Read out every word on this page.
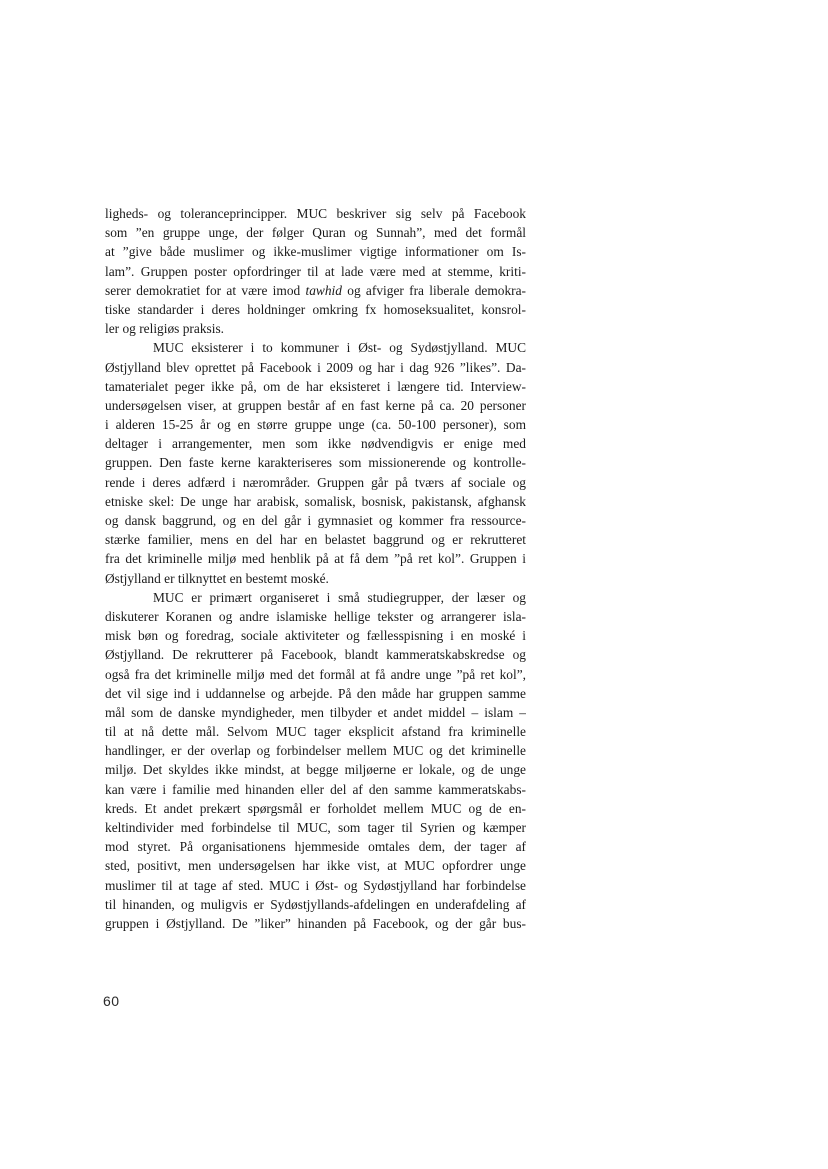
ligheds- og toleranceprincipper. MUC beskriver sig selv på Facebook
som ”en gruppe unge, der følger Quran og Sunnah”, med det formål
at ”give både muslimer og ikke-muslimer vigtige informationer om Is-
lam”. Gruppen poster opfordringer til at lade være med at stemme, kriti-
serer demokratiet for at være imod tawhid og afviger fra liberale demokra-
tiske standarder i deres holdninger omkring fx homoseksualitet, konsrol-
ler og religiøs praksis.
MUC eksisterer i to kommuner i Øst- og Sydøstjylland. MUC
Østjylland blev oprettet på Facebook i 2009 og har i dag 926 ”likes”. Da-
tamaterialet peger ikke på, om de har eksisteret i længere tid. Interview-
undersøgelsen viser, at gruppen består af en fast kerne på ca. 20 personer
i alderen 15-25 år og en større gruppe unge (ca. 50-100 personer), som
deltager i arrangementer, men som ikke nødvendigvis er enige med
gruppen. Den faste kerne karakteriseres som missionerende og kontrolle-
rende i deres adfærd i nærområder. Gruppen går på tværs af sociale og
etniske skel: De unge har arabisk, somalisk, bosnisk, pakistansk, afghansk
og dansk baggrund, og en del går i gymnasiet og kommer fra ressource-
stærke familier, mens en del har en belastet baggrund og er rekrutteret
fra det kriminelle miljø med henblik på at få dem ”på ret kol”. Gruppen i
Østjylland er tilknyttet en bestemt moské.
MUC er primært organiseret i små studiegrupper, der læser og
diskuterer Koranen og andre islamiske hellige tekster og arrangerer isla-
misk bøn og foredrag, sociale aktiviteter og fællesspisning i en moské i
Østjylland. De rekrutterer på Facebook, blandt kammeratskabskredse og
også fra det kriminelle miljø med det formål at få andre unge ”på ret kol”,
det vil sige ind i uddannelse og arbejde. På den måde har gruppen samme
mål som de danske myndigheder, men tilbyder et andet middel – islam –
til at nå dette mål. Selvom MUC tager eksplicit afstand fra kriminelle
handlinger, er der overlap og forbindelser mellem MUC og det kriminelle
miljø. Det skyldes ikke mindst, at begge miljøerne er lokale, og de unge
kan være i familie med hinanden eller del af den samme kammeratskabs-
kreds. Et andet prekært spørgsmål er forholdet mellem MUC og de en-
keltindivider med forbindelse til MUC, som tager til Syrien og kæmper
mod styret. På organisationens hjemmeside omtales dem, der tager af
sted, positivt, men undersøgelsen har ikke vist, at MUC opfordrer unge
muslimer til at tage af sted. MUC i Øst- og Sydøstjylland har forbindelse
til hinanden, og muligvis er Sydøstjyllands-afdelingen en underafdeling af
gruppen i Østjylland. De ”liker” hinanden på Facebook, og der går bus-
60
